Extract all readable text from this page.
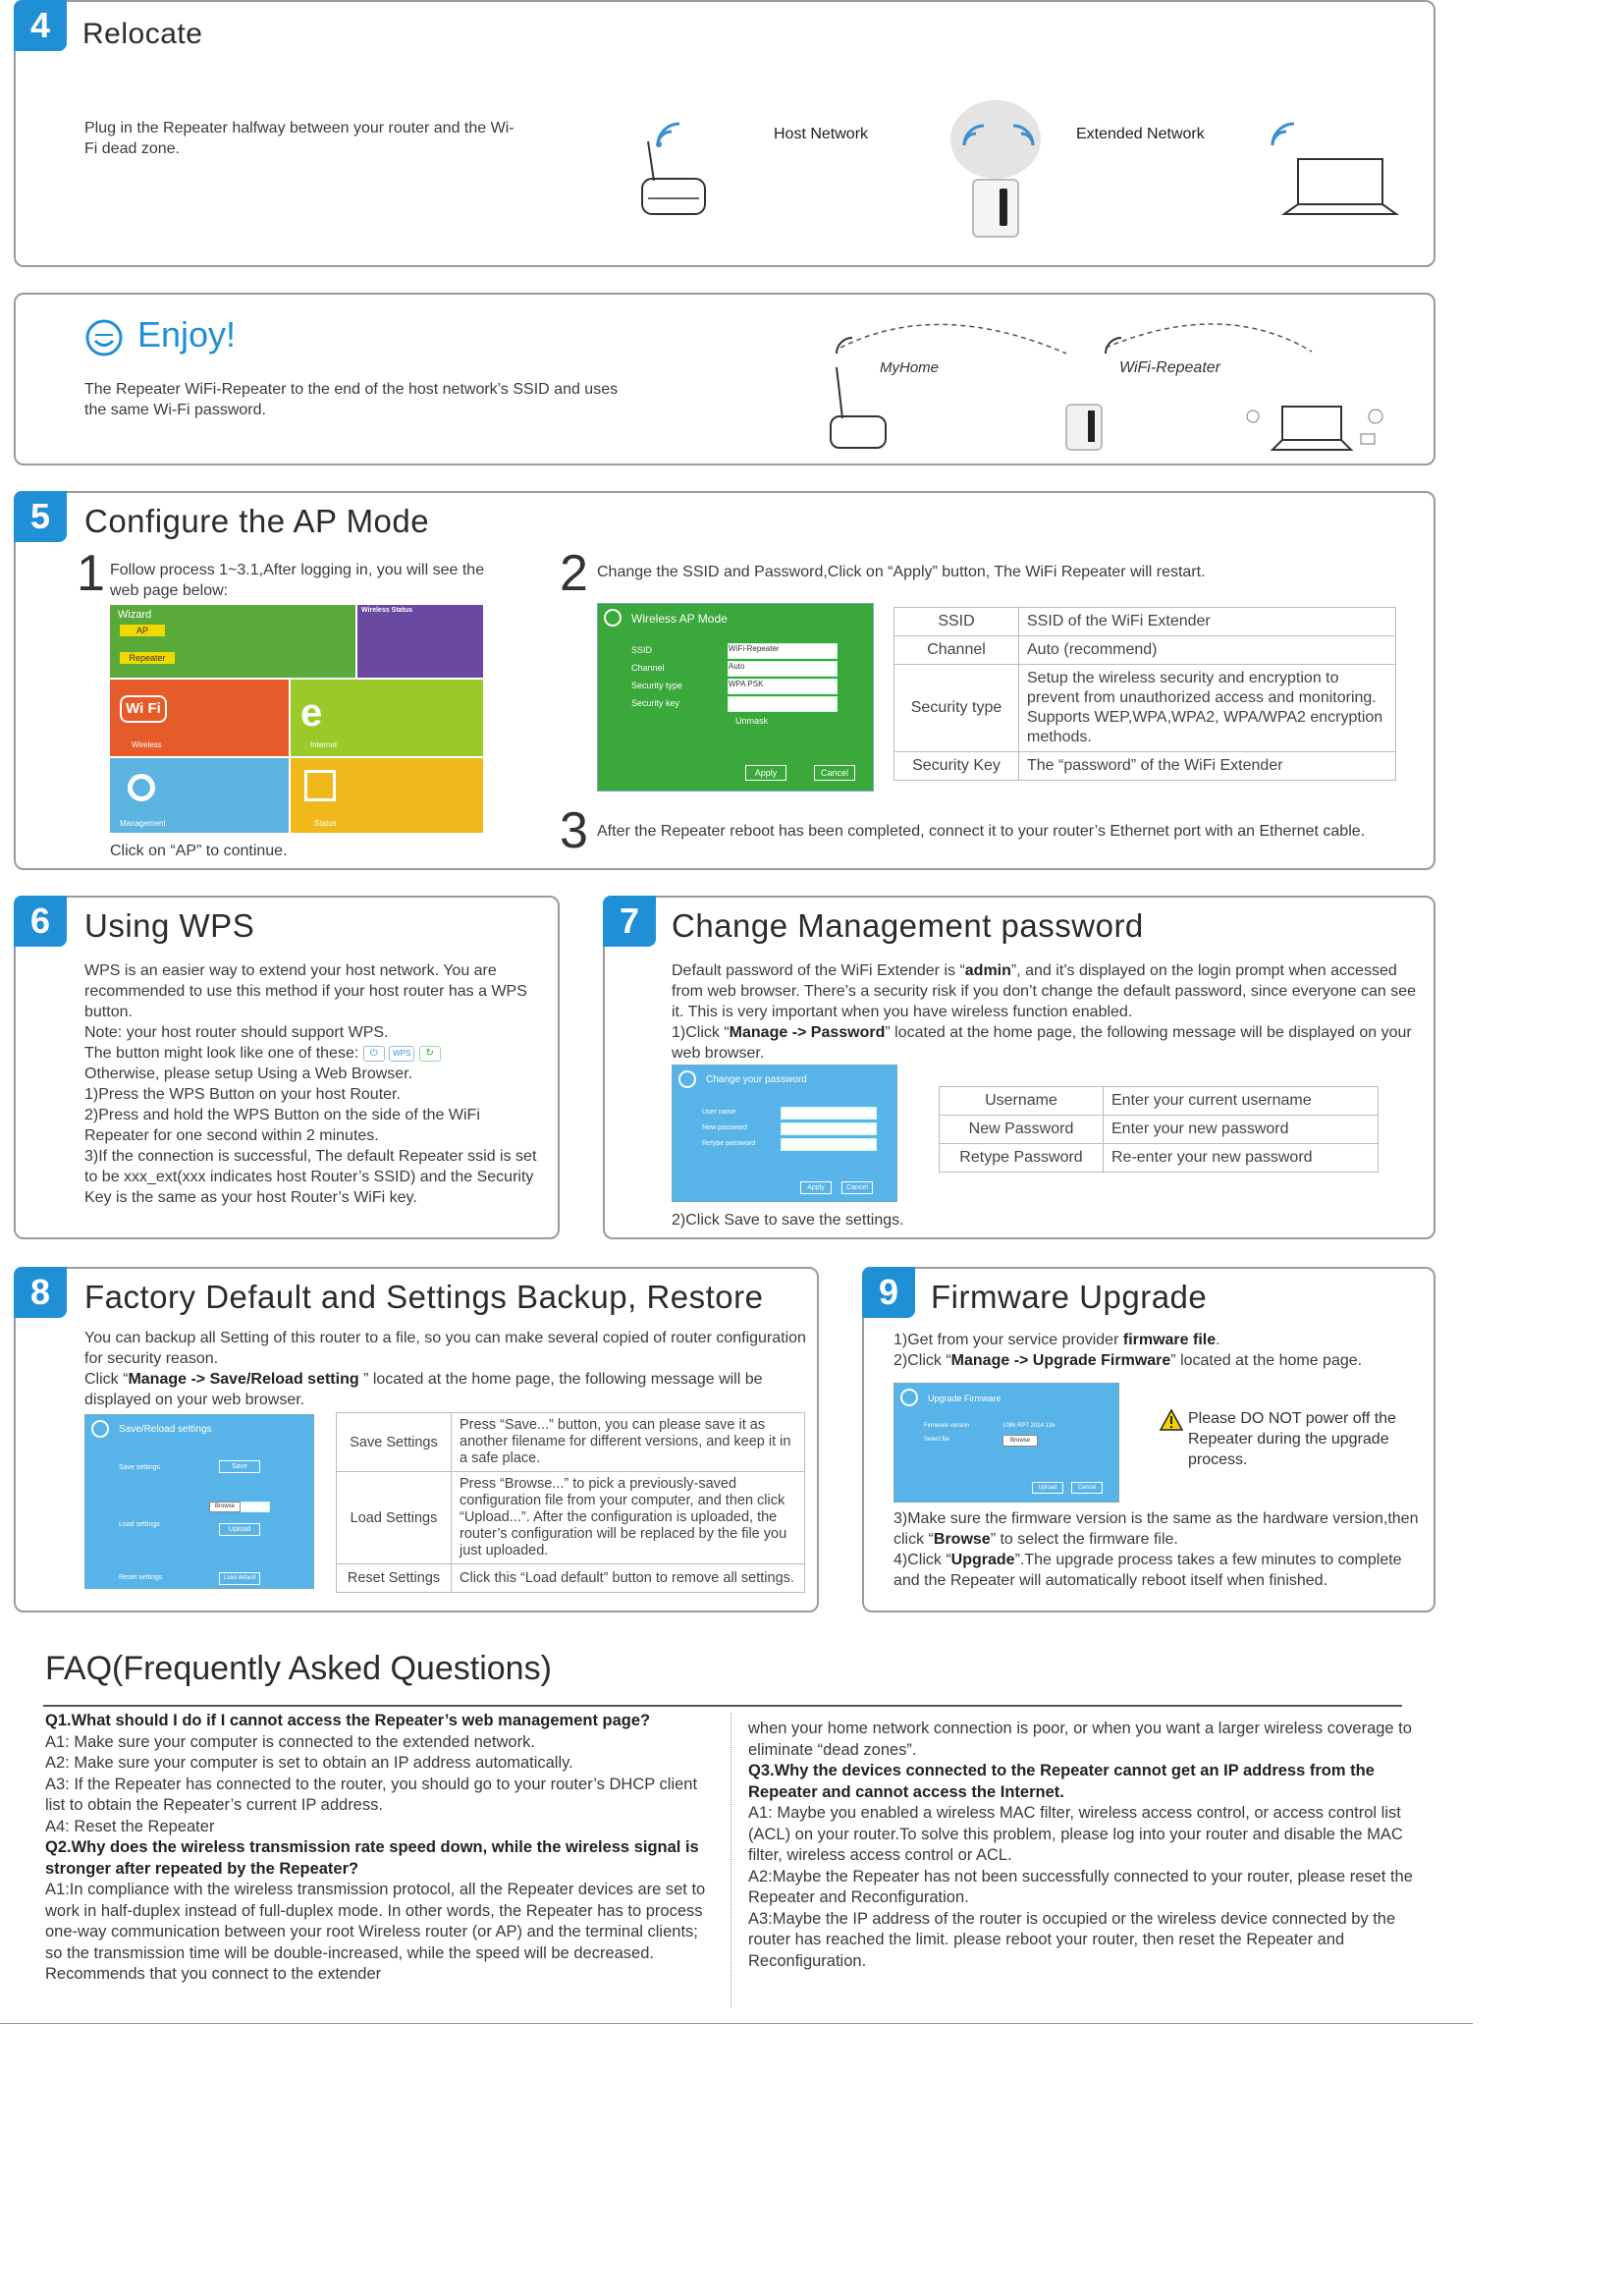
4	Relocate
Plug in the Repeater halfway between your router and the Wi-Fi dead zone.
Host Network	Extended Network
Enjoy!
The Repeater WiFi-Repeater to the end of the host network’s SSID and uses the same Wi-Fi password.
MyHome	WiFi-Repeater
5	Configure the AP Mode
1 Follow process 1~3.1,After logging in, you will see the web page below:
Wizard
AP
Repeater
Wireless Status
Wi Fi
Wireless
e
Internet
Management	Status
Click on “AP” to continue.
2 Change the SSID and Password,Click on “Apply” button, The WiFi Repeater will restart.
Wireless AP Mode
SSID
Channel
Security type
Security key
WiFi-Repeater
Auto
WPA PSK
Unmask
Apply	Cancel
SSID	SSID of the WiFi Extender
Channel	Auto (recommend)
Security type	Setup the wireless security and encryption to prevent from unauthorized access and monitoring. Supports WEP,WPA,WPA2, WPA/WPA2 encryption methods.
Security Key	The “password” of the WiFi Extender
3 After the Repeater reboot has been completed, connect it to your router’s Ethernet port with an Ethernet cable.
6	Using WPS

WPS is an easier way to extend your host network. You are recommended to use this method if your host router has a WPS button.

Note: your host router should support WPS.

The button might look like one of these: ⏻ WPS ↻

Otherwise, please setup Using a Web Browser.

1)Press the WPS Button on your host Router.

2)Press and hold the WPS Button on the side of the WiFi Repeater for one second within 2 minutes.

3)If the connection is successful, The default Repeater ssid is set to be xxx_ext(xxx indicates host Router’s SSID) and the Security Key is the same as your host Router’s WiFi key.

7 Change Management password

Default password of the WiFi Extender is “admin”, and it’s displayed on the login prompt when accessed from web browser. There’s a security risk if you don’t change the default password, since everyone can see it. This is very important when you have wireless function enabled.

1)Click “Manage -> Password” located at the home page, the following message will be displayed on your web browser.

Change your password
User name
New password
Retype password
Apply	Cancel
Username	Enter your current username
New Password	Enter your new password
Retype Password	Re-enter your new password
2)Click Save to save the settings.
8	Factory Default and Settings Backup, Restore

You can backup all Setting of this router to a file, so you can make several copied of router configuration for security reason.

Click “Manage -> Save/Reload setting ” located at the home page, the following message will be displayed on your web browser.

Save/Reload settings
Save settings
Load settings
Reset settings
Save
Browse
Upload
Load default
Save Settings	Press “Save...” button, you can please save it as another filename for different versions, and keep it in a safe place.
Load Settings	Press “Browse...” to pick a previously-saved configuration file from your computer, and then click “Upload...”. After the configuration is uploaded, the router’s configuration will be replaced by the file you just uploaded.
Reset Settings	Click this “Load default” button to remove all settings.
9 Firmware Upgrade

1)Get from your service provider firmware file.

2)Click “Manage -> Upgrade Firmware” located at the home page.

Upgrade Firmware
Firmware version
Select file
1086 RPT 2014 13e
Browse
Upload	Cancel
Please DO NOT power off the Repeater during the upgrade process.

3)Make sure the firmware version is the same as the hardware version,then click “Browse” to select the firmware file.

4)Click “Upgrade”.The upgrade process takes a few minutes to complete and the Repeater will automatically reboot itself when finished.

FAQ(Frequently Asked Questions)

Q1.What should I do if I cannot access the Repeater’s web management page?

A1: Make sure your computer is connected to the extended network.

A2: Make sure your computer is set to obtain an IP address automatically.

A3: If the Repeater has connected to the router, you should go to your router’s DHCP client list to obtain the Repeater’s current IP address.

A4: Reset the Repeater

Q2.Why does the wireless transmission rate speed down, while the wireless signal is stronger after repeated by the Repeater?

A1:In compliance with the wireless transmission protocol, all the Repeater devices are set to work in half-duplex instead of full-duplex mode. In other words, the Repeater has to process one-way communication between your root Wireless router (or AP) and the terminal clients; so the transmission time will be double-increased, while the speed will be decreased. Recommends that you connect to the extender

when your home network connection is poor, or when you want a larger wireless coverage to eliminate “dead zones”.

Q3.Why the devices connected to the Repeater cannot get an IP address from the Repeater and cannot access the Internet.

A1: Maybe you enabled a wireless MAC filter, wireless access control, or access control list (ACL) on your router.To solve this problem, please log into your router and disable the MAC filter, wireless access control or ACL.

A2:Maybe the Repeater has not been successfully connected to your router, please reset the Repeater and Reconfiguration.

A3:Maybe the IP address of the router is occupied or the wireless device connected by the router has reached the limit. please reboot your router, then reset the Repeater and Reconfiguration.
